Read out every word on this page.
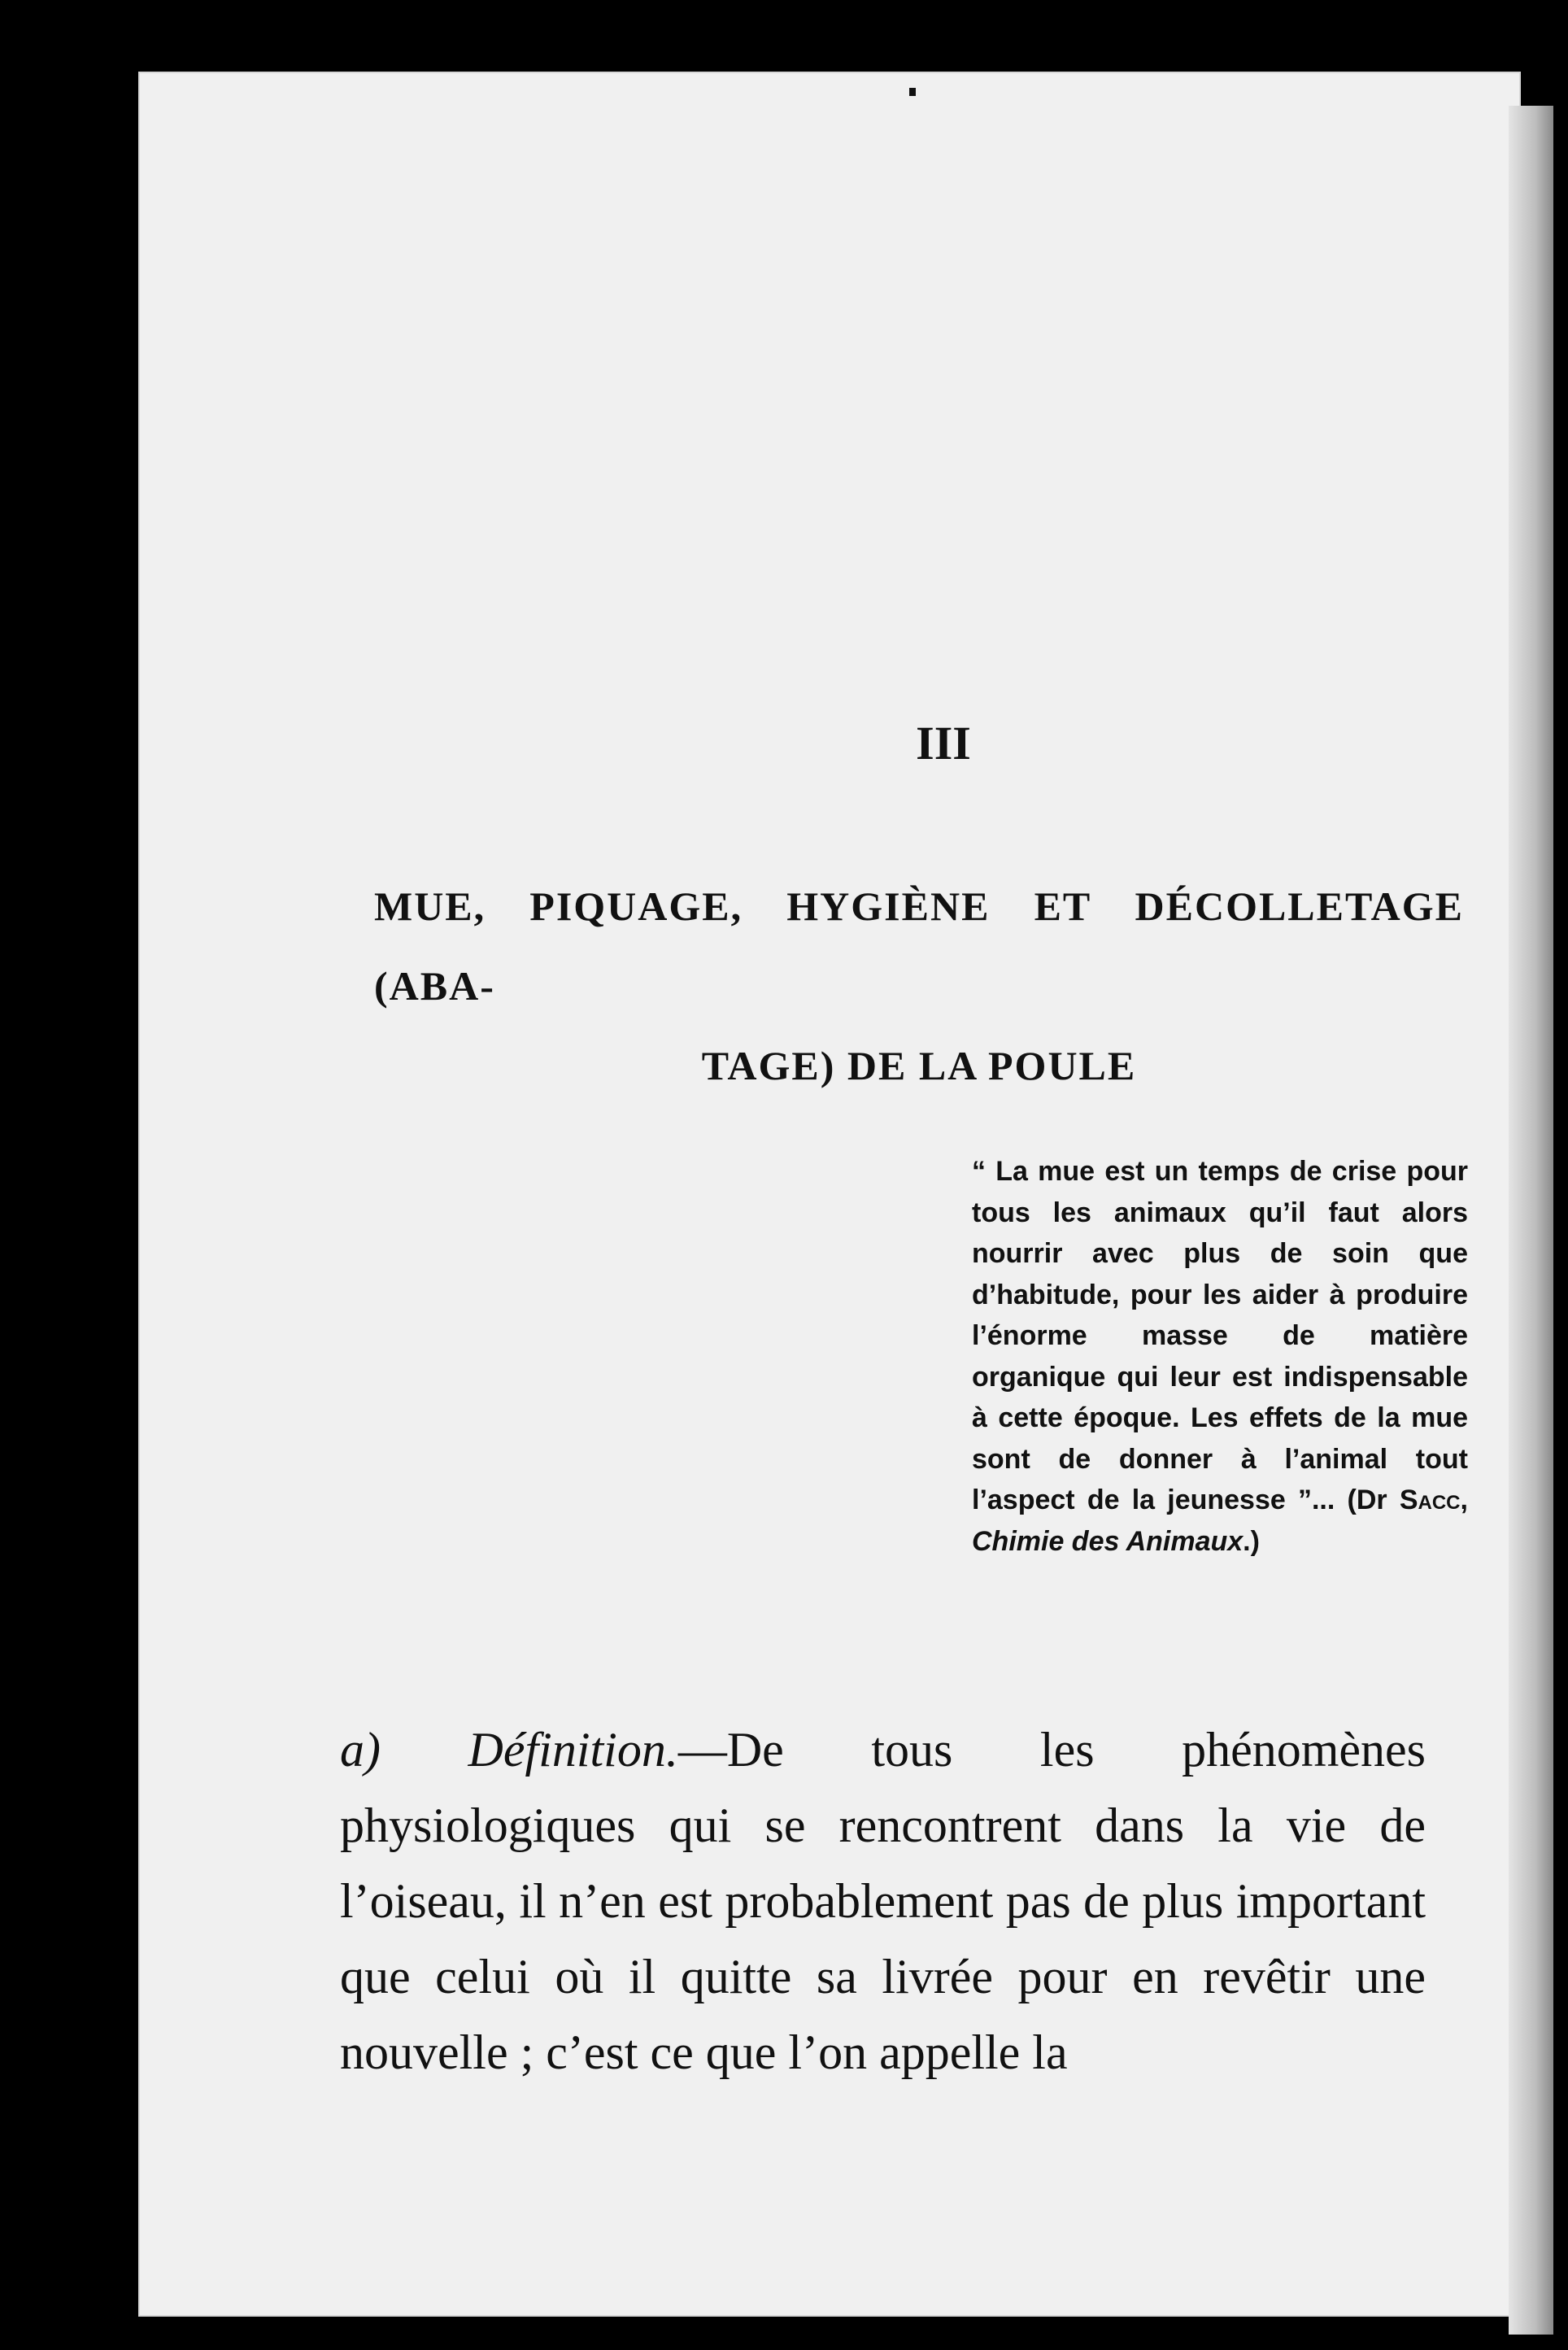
III
MUE, PIQUAGE, HYGIÈNE ET DÉCOLLETAGE (ABA-
TAGE) DE LA POULE
“ La mue est un temps de crise pour tous les animaux qu’il faut alors nourrir avec plus de soin que d’habitude, pour les aider à produire l’énorme masse de matière organique qui leur est indispensable à cette époque. Les effets de la mue sont de donner à l’animal tout l’aspect de la jeunesse ”... (Dr Sacc, Chimie des Animaux.)
a) Définition.—De tous les phénomènes physiologiques qui se rencontrent dans la vie de l’oiseau, il n’en est probablement pas de plus important que celui où il quitte sa livrée pour en revêtir une nouvelle ; c’est ce que l’on appelle la
